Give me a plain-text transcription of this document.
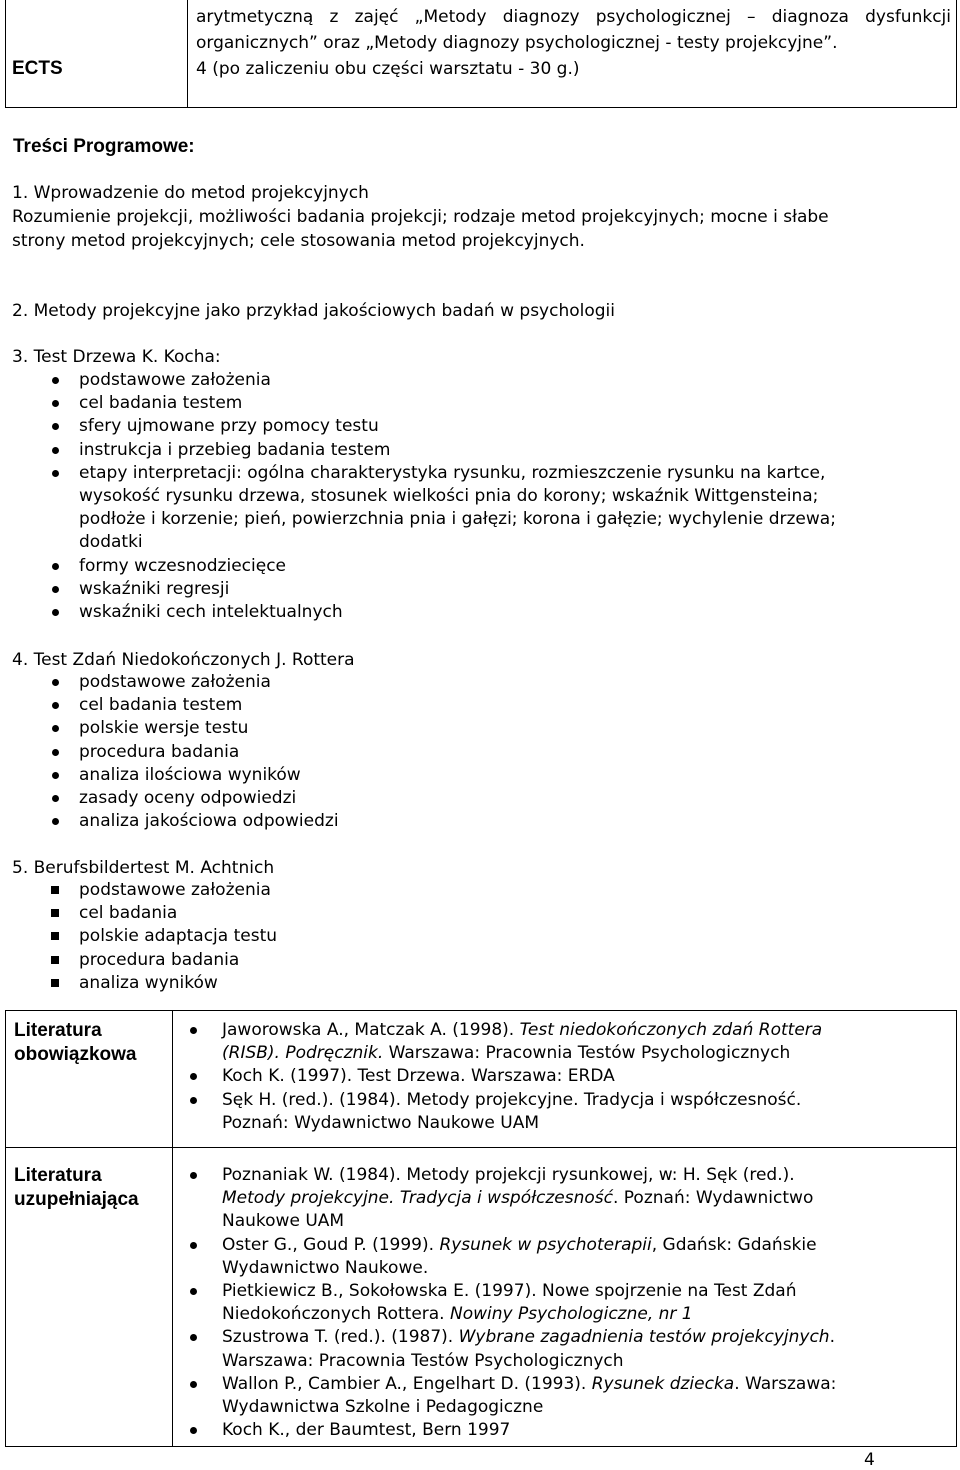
ECTS
arytmetyczną z zajęć „Metody diagnozy psychologicznej – diagnoza dysfunkcji
organicznych” oraz „Metody diagnozy psychologicznej - testy projekcyjne”.
4 (po zaliczeniu obu części warsztatu - 30 g.)
Treści Programowe:
1. Wprowadzenie do metod projekcyjnych
Rozumienie projekcji, możliwości badania projekcji; rodzaje metod projekcyjnych; mocne i słabe
strony metod projekcyjnych; cele stosowania metod projekcyjnych.
2. Metody projekcyjne jako przykład jakościowych badań w psychologii
3. Test Drzewa K. Kocha:
podstawowe założenia
cel badania testem
sfery ujmowane przy pomocy testu
instrukcja i przebieg badania testem
etapy interpretacji: ogólna charakterystyka rysunku, rozmieszczenie rysunku na kartce,
wysokość rysunku drzewa, stosunek wielkości pnia do korony; wskaźnik Wittgensteina;
podłoże i korzenie; pień, powierzchnia pnia i gałęzi; korona i gałęzie; wychylenie drzewa;
dodatki
formy wczesnodziecięce
wskaźniki regresji
wskaźniki cech intelektualnych
4. Test Zdań Niedokończonych J. Rottera
podstawowe założenia
cel badania testem
polskie wersje testu
procedura badania
analiza ilościowa wyników
zasady oceny odpowiedzi
analiza jakościowa odpowiedzi
5. Berufsbildertest M. Achtnich
podstawowe założenia
cel badania
polskie adaptacja testu
procedura badania
analiza wyników
Literatura
obowiązkowa
Jaworowska A., Matczak A. (1998). Test niedokończonych zdań Rottera
(RISB). Podręcznik. Warszawa: Pracownia Testów Psychologicznych
Koch K. (1997). Test Drzewa. Warszawa: ERDA
Sęk H. (red.). (1984). Metody projekcyjne. Tradycja i współczesność.
Poznań: Wydawnictwo Naukowe UAM
Literatura
uzupełniająca
Poznaniak W. (1984). Metody projekcji rysunkowej, w: H. Sęk (red.).
Metody projekcyjne. Tradycja i współczesność. Poznań: Wydawnictwo
Naukowe UAM
Oster G., Goud P. (1999). Rysunek w psychoterapii, Gdańsk: Gdańskie
Wydawnictwo Naukowe.
Pietkiewicz B., Sokołowska E. (1997). Nowe spojrzenie na Test Zdań
Niedokończonych Rottera. Nowiny Psychologiczne, nr 1
Szustrowa T. (red.). (1987). Wybrane zagadnienia testów projekcyjnych.
Warszawa: Pracownia Testów Psychologicznych
Wallon P., Cambier A., Engelhart D. (1993). Rysunek dziecka. Warszawa:
Wydawnictwa Szkolne i Pedagogiczne
Koch K., der Baumtest, Bern 1997
4
